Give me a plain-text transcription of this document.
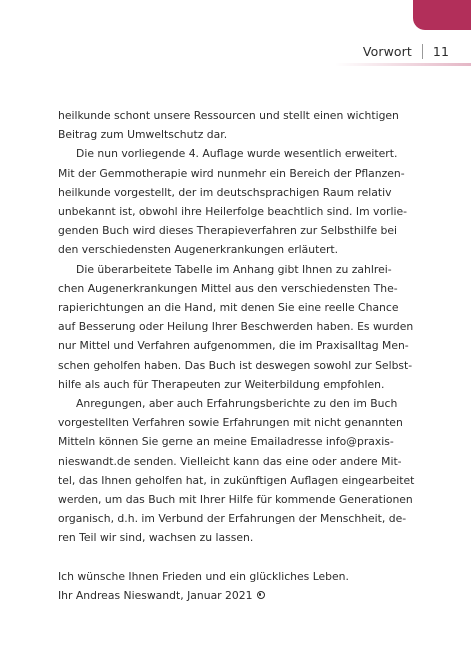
Vorwort 11
heilkunde schont unsere Ressourcen und stellt einen wichtigen
Beitrag zum Umweltschutz dar.
Die nun vorliegende 4. Auflage wurde wesentlich erweitert.
Mit der Gemmotherapie wird nunmehr ein Bereich der Pflanzen-
heilkunde vorgestellt, der im deutschsprachigen Raum relativ
unbekannt ist, obwohl ihre Heilerfolge beachtlich sind. Im vorlie-
genden Buch wird dieses Therapieverfahren zur Selbsthilfe bei
den verschiedensten Augenerkrankungen erläutert.
Die überarbeitete Tabelle im Anhang gibt Ihnen zu zahlrei-
chen Augenerkrankungen Mittel aus den verschiedensten The-
rapierichtungen an die Hand, mit denen Sie eine reelle Chance
auf Besserung oder Heilung Ihrer Beschwerden haben. Es wurden
nur Mittel und Verfahren aufgenommen, die im Praxisalltag Men-
schen geholfen haben. Das Buch ist deswegen sowohl zur Selbst-
hilfe als auch für Therapeuten zur Weiterbildung empfohlen.
Anregungen, aber auch Erfahrungsberichte zu den im Buch
vorgestellten Verfahren sowie Erfahrungen mit nicht genannten
Mitteln können Sie gerne an meine Emailadresse info@praxis-
nieswandt.de senden. Vielleicht kann das eine oder andere Mit-
tel, das Ihnen geholfen hat, in zukünftigen Auflagen eingearbeitet
werden, um das Buch mit Ihrer Hilfe für kommende Generationen
organisch, d.h. im Verbund der Erfahrungen der Menschheit, de-
ren Teil wir sind, wachsen zu lassen.
Ich wünsche Ihnen Frieden und ein glückliches Leben.
Ihr Andreas Nieswandt, Januar 2021
